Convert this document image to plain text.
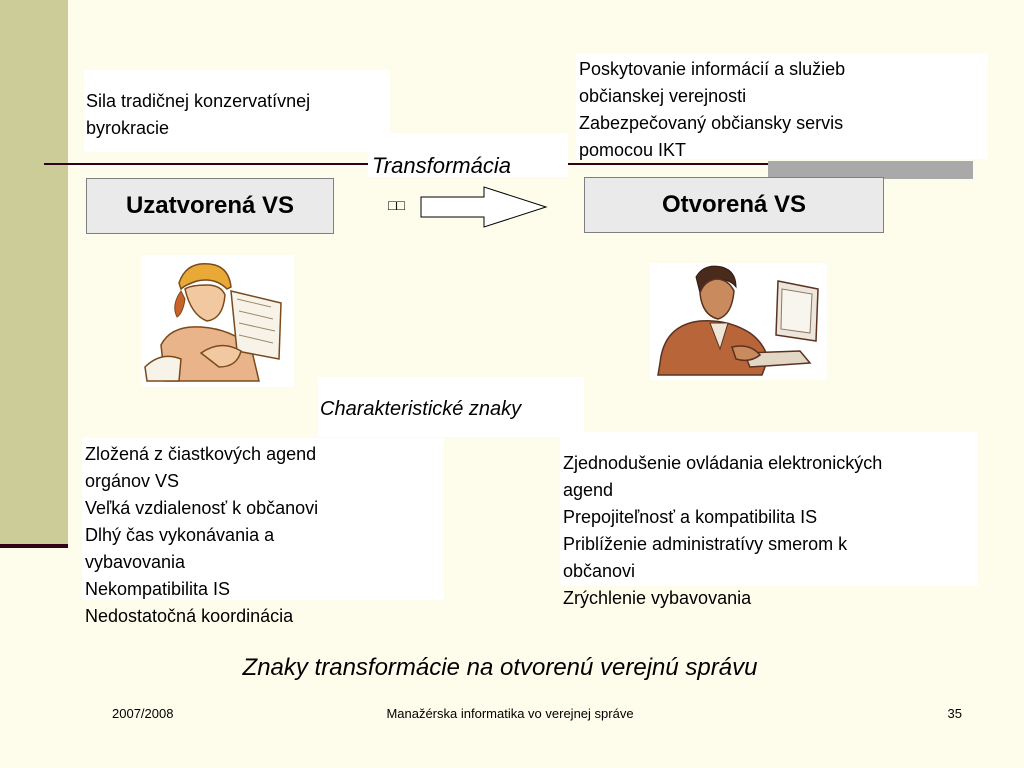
Sila tradičnej konzervatívnej
byrokracie
Poskytovanie informácií a služieb
občianskej verejnosti
Zabezpečovaný občiansky servis
pomocou IKT
Transformácia
Uzatvorená VS	Otvorená VS
□□
Charakteristické znaky
Zložená z čiastkových agend
orgánov VS
Veľká vzdialenosť k občanovi
Dlhý čas vykonávania a
vybavovania
Nekompatibilita IS
Nedostatočná koordinácia
Zjednodušenie ovládania elektronických
agend
Prepojiteľnosť a kompatibilita IS
Priblíženie administratívy smerom k
občanovi
Zrýchlenie vybavovania
Znaky transformácie na otvorenú verejnú správu
2007/2008	Manažérska informatika vo verejnej správe	35
